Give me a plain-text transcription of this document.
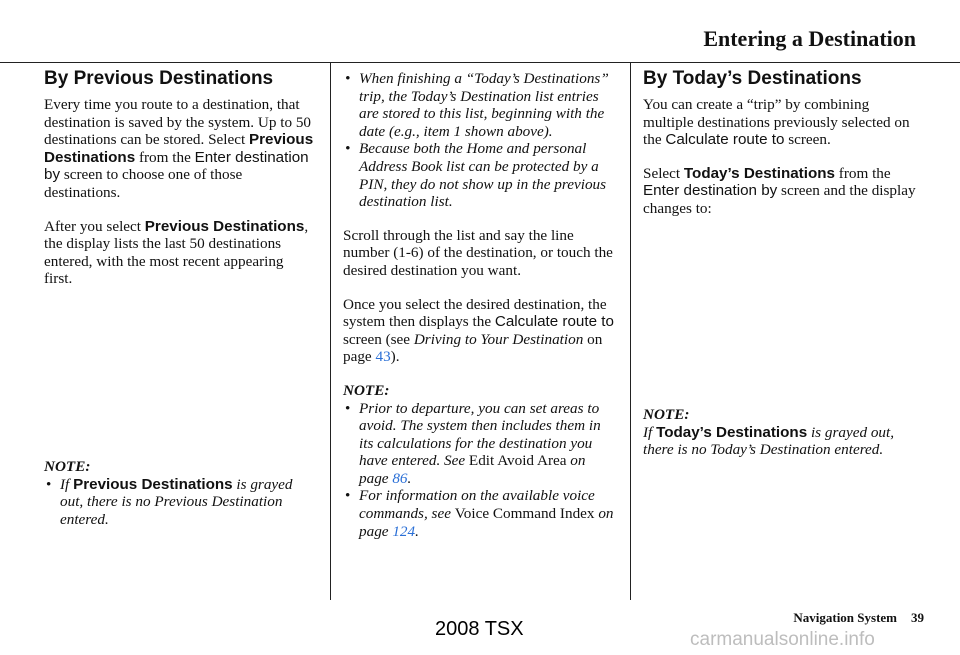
Entering a Destination
By Previous Destinations

Every time you route to a destination, that destination is saved by the system. Up to 50 destinations can be stored. Select Previous Destinations from the Enter destination by screen to choose one of those destinations.

After you select Previous Destinations, the display lists the last 50 destinations entered, with the most recent appearing first.

NOTE:
• If Previous Destinations is grayed out, there is no Previous Destination entered.
• When finishing a “Today’s Destinations” trip, the Today’s Destination list entries are stored to this list, beginning with the date (e.g., item 1 shown above).
• Because both the Home and personal Address Book list can be protected by a PIN, they do not show up in the previous destination list.

Scroll through the list and say the line number (1-6) of the destination, or touch the desired destination you want.

Once you select the desired destination, the system then displays the Calculate route to screen (see Driving to Your Destination on page 43).

NOTE:
• Prior to departure, you can set areas to avoid. The system then includes them in its calculations for the destination you have entered. See Edit Avoid Area on page 86.
• For information on the available voice commands, see Voice Command Index on page 124.
By Today’s Destinations

You can create a “trip” by combining multiple destinations previously selected on the Calculate route to screen.

Select Today’s Destinations from the Enter destination by screen and the display changes to:

NOTE:
If Today’s Destinations is grayed out, there is no Today’s Destination entered.
Navigation System 39
2008 TSX	carmanualsonline.info
